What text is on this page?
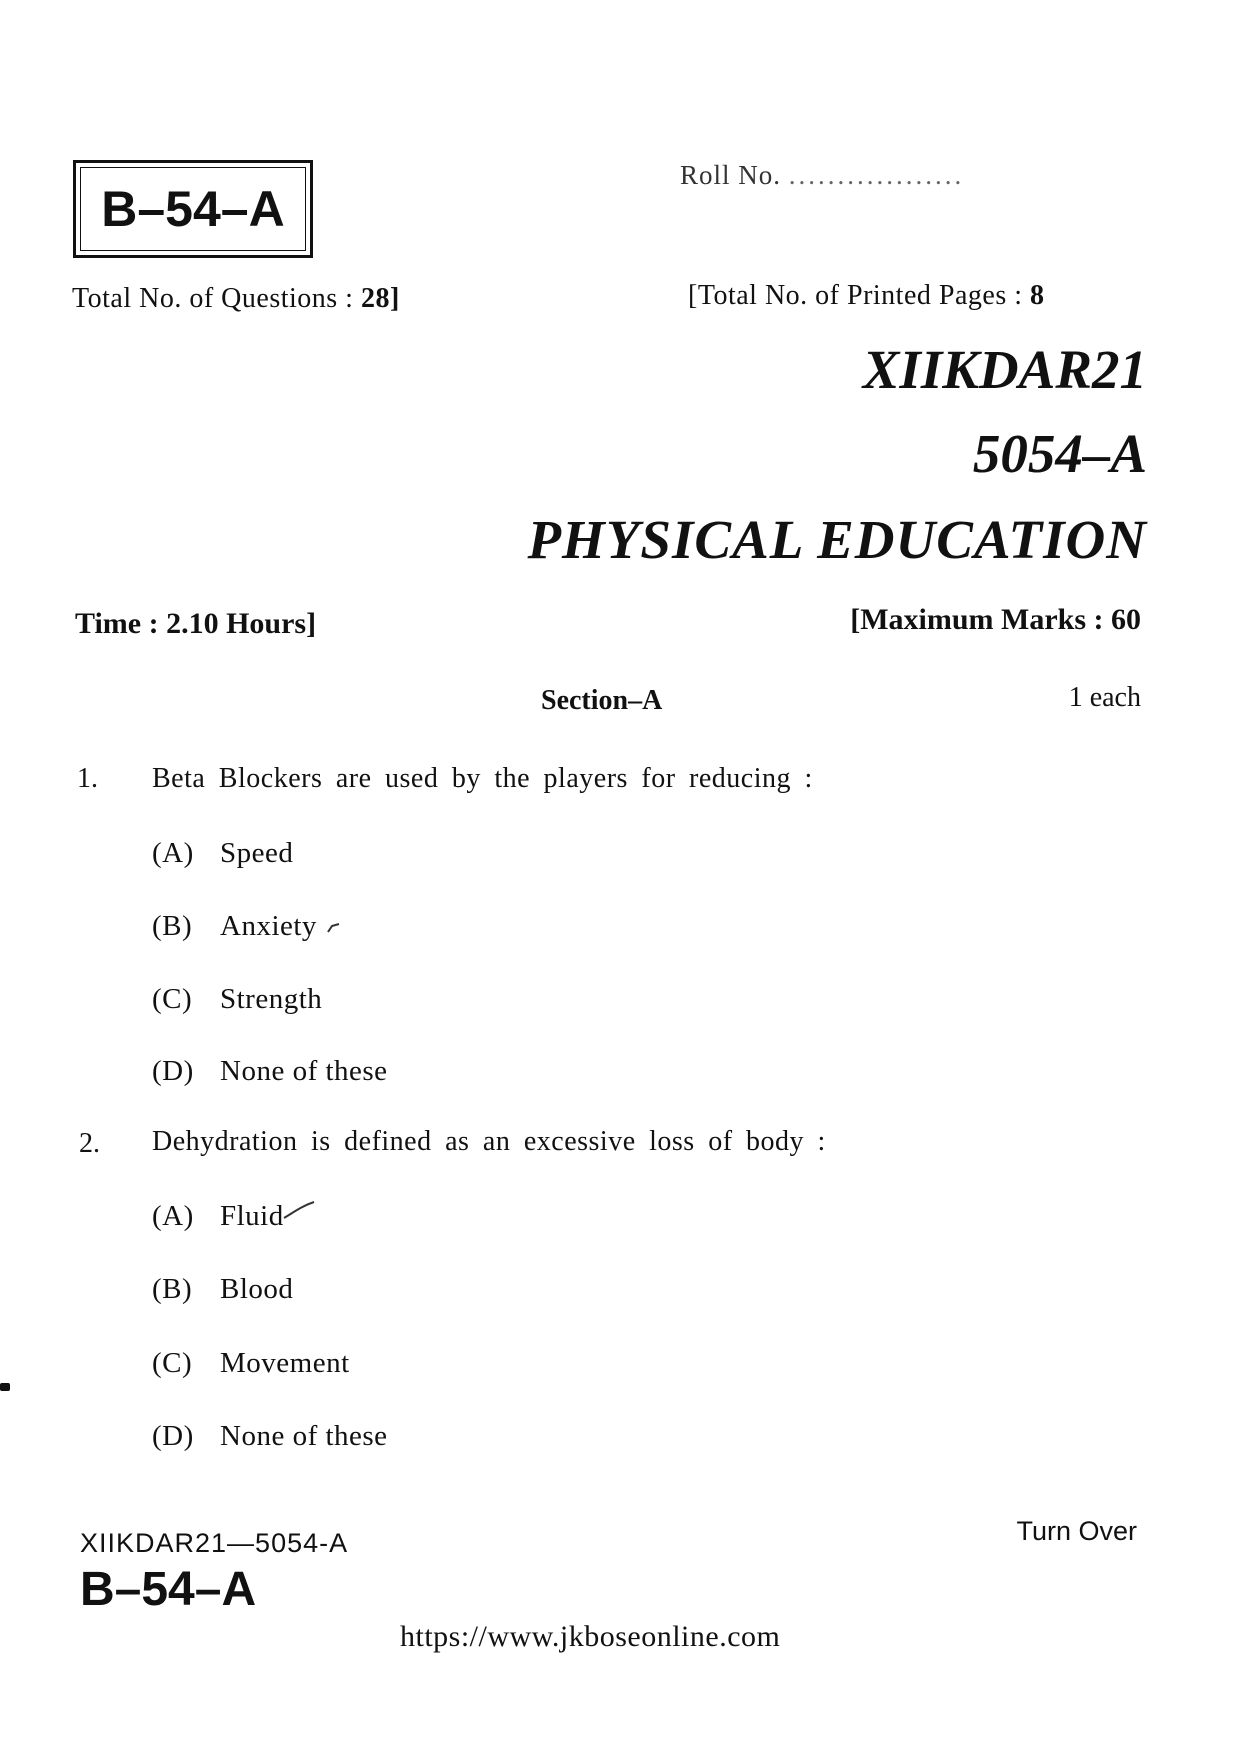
B–54–A
Roll No. ..................
Total No. of Questions : 28]	[Total No. of Printed Pages : 8
XIIKDAR21
5054–A
PHYSICAL EDUCATION
Time : 2.10 Hours]	[Maximum Marks : 60
Section–A	1 each
1. Beta Blockers are used by the players for reducing :
(A) Speed
(B) Anxiety
(C) Strength
(D) None of these
2. Dehydration is defined as an excessive loss of body :
(A) Fluid
(B) Blood
(C) Movement
(D) None of these
XIIKDAR21—5054-A
B–54–A
Turn Over
https://www.jkboseonline.com
